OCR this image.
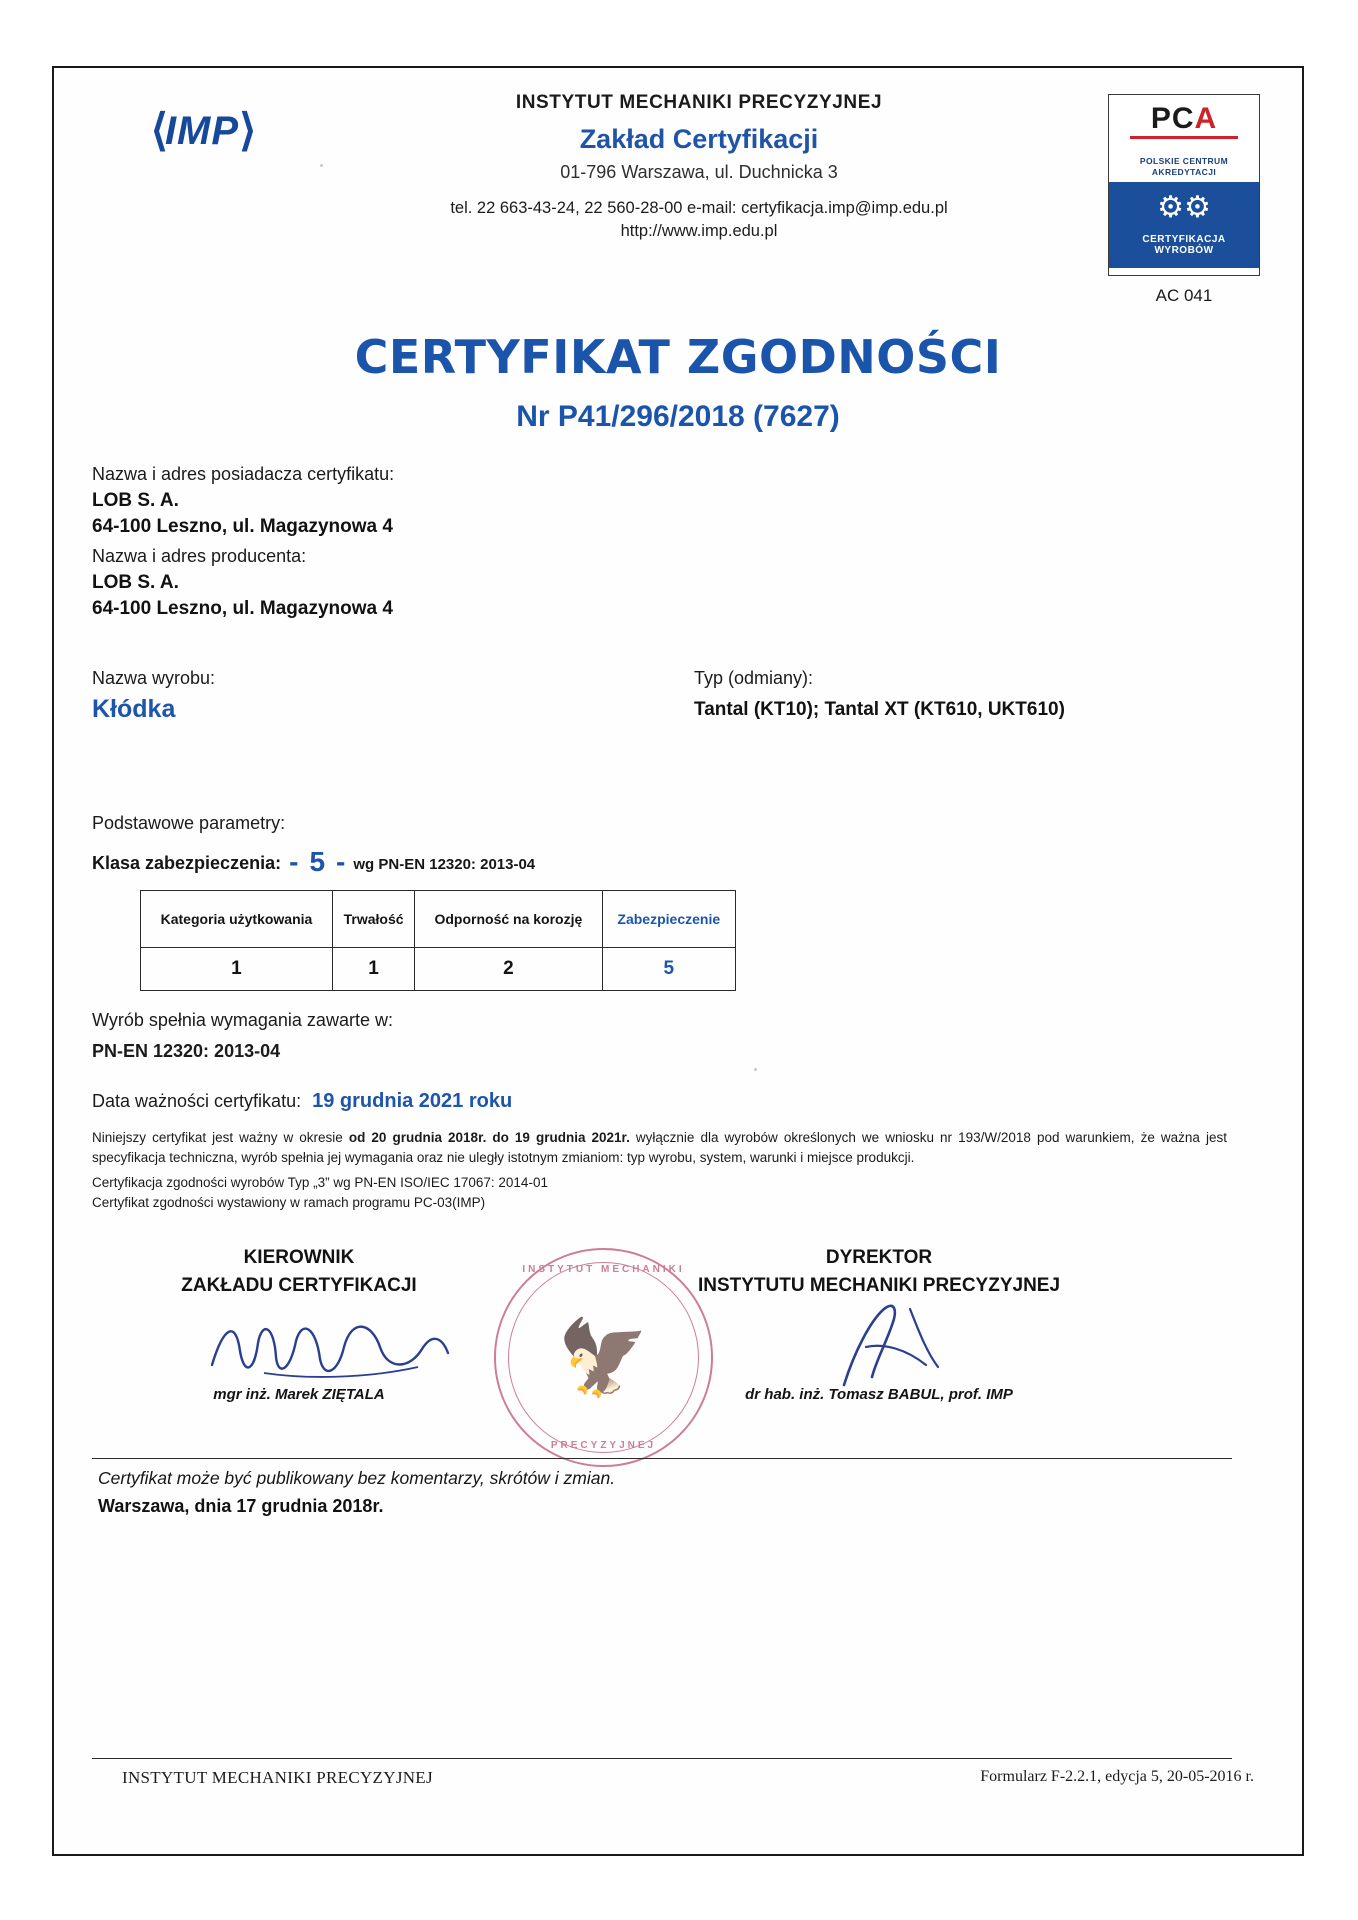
⟨ IMP ⟩
INSTYTUT MECHANIKI PRECYZYJNEJ
Zakład Certyfikacji
01-796 Warszawa, ul. Duchnicka 3
tel. 22 663-43-24, 22 560-28-00 e-mail: certyfikacja.imp@imp.edu.pl
http://www.imp.edu.pl
PCA
POLSKIE CENTRUM
AKREDYTACJI
⚙⚙
CERTYFIKACJA
WYROBÓW
AC 041
CERTYFIKAT ZGODNOŚCI
Nr P41/296/2018 (7627)
Nazwa i adres posiadacza certyfikatu:
LOB S. A.
64-100 Leszno, ul. Magazynowa 4
Nazwa i adres producenta:
LOB S. A.
64-100 Leszno, ul. Magazynowa 4
Nazwa wyrobu:
Kłódka
Typ (odmiany):
Tantal (KT10); Tantal XT (KT610, UKT610)
Podstawowe parametry:
Klasa zabezpieczenia: - 5 - wg PN-EN 12320: 2013-04
Kategoria użytkowania	Trwałość	Odporność na korozję	Zabezpieczenie
1	1	2	5
Wyrób spełnia wymagania zawarte w:
PN-EN 12320: 2013-04
Data ważności certyfikatu: 19 grudnia 2021 roku
Niniejszy certyfikat jest ważny w okresie od 20 grudnia 2018r. do 19 grudnia 2021r. wyłącznie dla wyrobów określonych we wniosku nr 193/W/2018 pod warunkiem, że ważna jest specyfikacja techniczna, wyrób spełnia jej wymagania oraz nie uległy istotnym zmianiom: typ wyrobu, system, warunki i miejsce produkcji.
Certyfikacja zgodności wyrobów Typ „3” wg PN-EN ISO/IEC 17067: 2014-01
Certyfikat zgodności wystawiony w ramach programu PC-03(IMP)
KIEROWNIK
ZAKŁADU CERTYFIKACJI
DYREKTOR
INSTYTUTU MECHANIKI PRECYZYJNEJ
INSTYTUT MECHANIKI
🦅
PRECYZYJNEJ
mgr inż. Marek ZIĘTALA	dr hab. inż. Tomasz BABUL, prof. IMP
Certyfikat może być publikowany bez komentarzy, skrótów i zmian.
Warszawa, dnia 17 grudnia 2018r.
INSTYTUT MECHANIKI PRECYZYJNEJ	Formularz F-2.2.1, edycja 5, 20-05-2016 r.
